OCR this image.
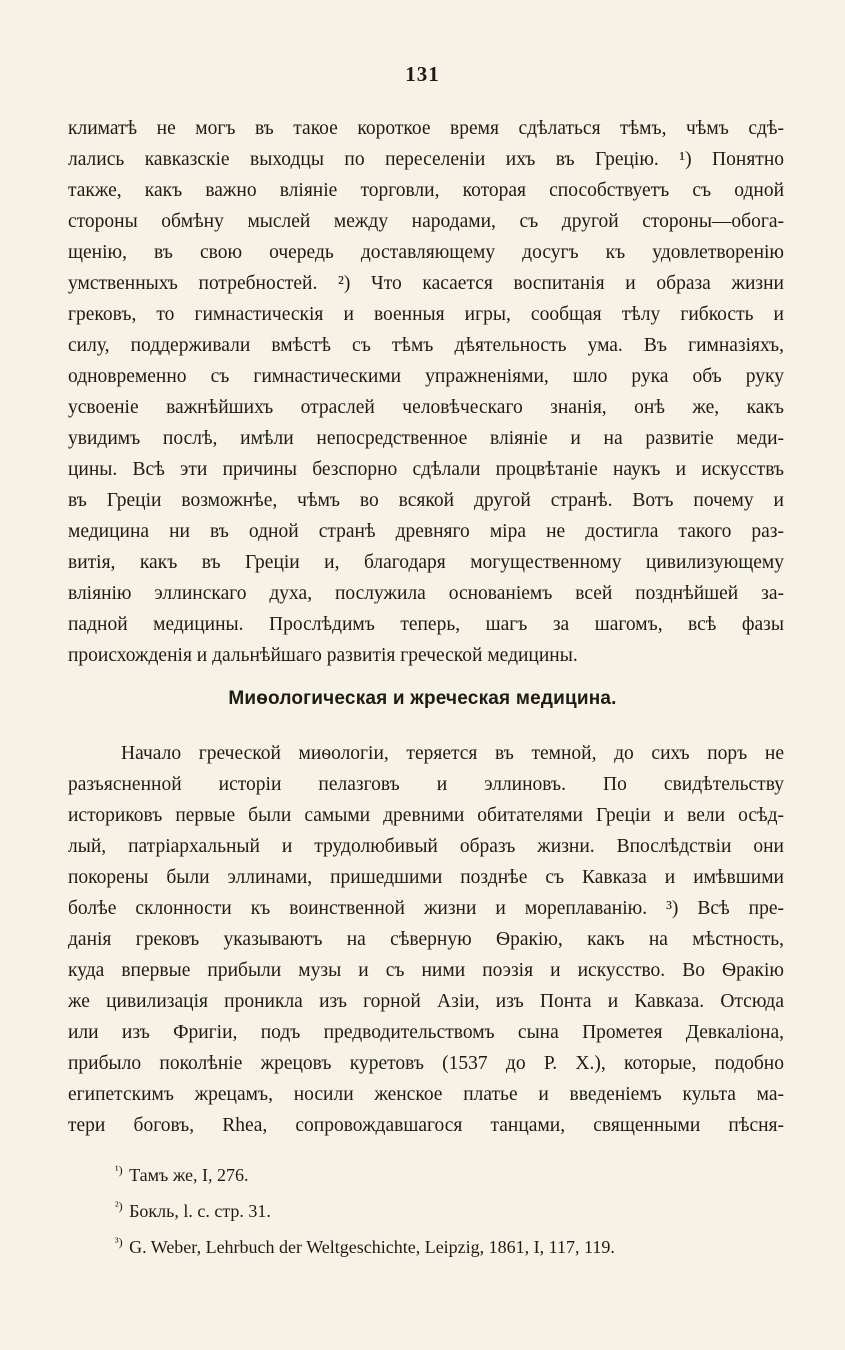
131
климатѣ не могъ въ такое короткое время сдѣлаться тѣмъ, чѣмъ сдѣ-
лались кавказскіе выходцы по переселеніи ихъ въ Грецію. ¹) Понятно
также, какъ важно вліяніе торговли, которая способствуетъ съ одной
стороны обмѣну мыслей между народами, съ другой стороны—обога-
щенію, въ свою очередь доставляющему досугъ къ удовлетворенію
умственныхъ потребностей. ²) Что касается воспитанія и образа жизни
грековъ, то гимнастическія и военныя игры, сообщая тѣлу гибкость и
силу, поддерживали вмѣстѣ съ тѣмъ дѣятельность ума. Въ гимназіяхъ,
одновременно съ гимнастическими упражненіями, шло рука объ руку
усвоеніе важнѣйшихъ отраслей человѣческаго знанія, онѣ же, какъ
увидимъ послѣ, имѣли непосредственное вліяніе и на развитіе меди-
цины. Всѣ эти причины безспорно сдѣлали процвѣтаніе наукъ и искусствъ
въ Греціи возможнѣе, чѣмъ во всякой другой странѣ. Вотъ почему и
медицина ни въ одной странѣ древняго міра не достигла такого раз-
витія, какъ въ Греціи и, благодаря могущественному цивилизующему
вліянію эллинскаго духа, послужила основаніемъ всей позднѣйшей за-
падной медицины. Прослѣдимъ теперь, шагъ за шагомъ, всѣ фазы
происхожденія и дальнѣйшаго развитія греческой медицины.
Миѳологическая и жреческая медицина.
Начало греческой миѳологіи, теряется въ темной, до сихъ поръ не
разъясненной исторіи пелазговъ и эллиновъ. По свидѣтельству
историковъ первые были самыми древними обитателями Греціи и вели осѣд-
лый, патріархальный и трудолюбивый образъ жизни. Впослѣдствіи они
покорены были эллинами, пришедшими позднѣе съ Кавказа и имѣвшими
болѣе склонности къ воинственной жизни и мореплаванію. ³) Всѣ пре-
данія грековъ указываютъ на сѣверную Ѳракію, какъ на мѣстность,
куда впервые прибыли музы и съ ними поэзія и искусство. Во Ѳракію
же цивилизація проникла изъ горной Азіи, изъ Понта и Кавказа. Отсюда
или изъ Фригіи, подъ предводительствомъ сына Прометея Девкаліона,
прибыло поколѣніе жрецовъ куретовъ (1537 до Р. Х.), которые, подобно
египетскимъ жрецамъ, носили женское платье и введеніемъ культа ма-
тери боговъ, Rhea, сопровождавшагося танцами, священными пѣсня-
$^{^1)}$ Тамъ же, I, 276.
$^{^2)}$ Бокль, l. c. стр. 31.
$^{^3)}$ G. Weber, Lehrbuch der Weltgeschichte, Leipzig, 1861, I, 117, 119.
